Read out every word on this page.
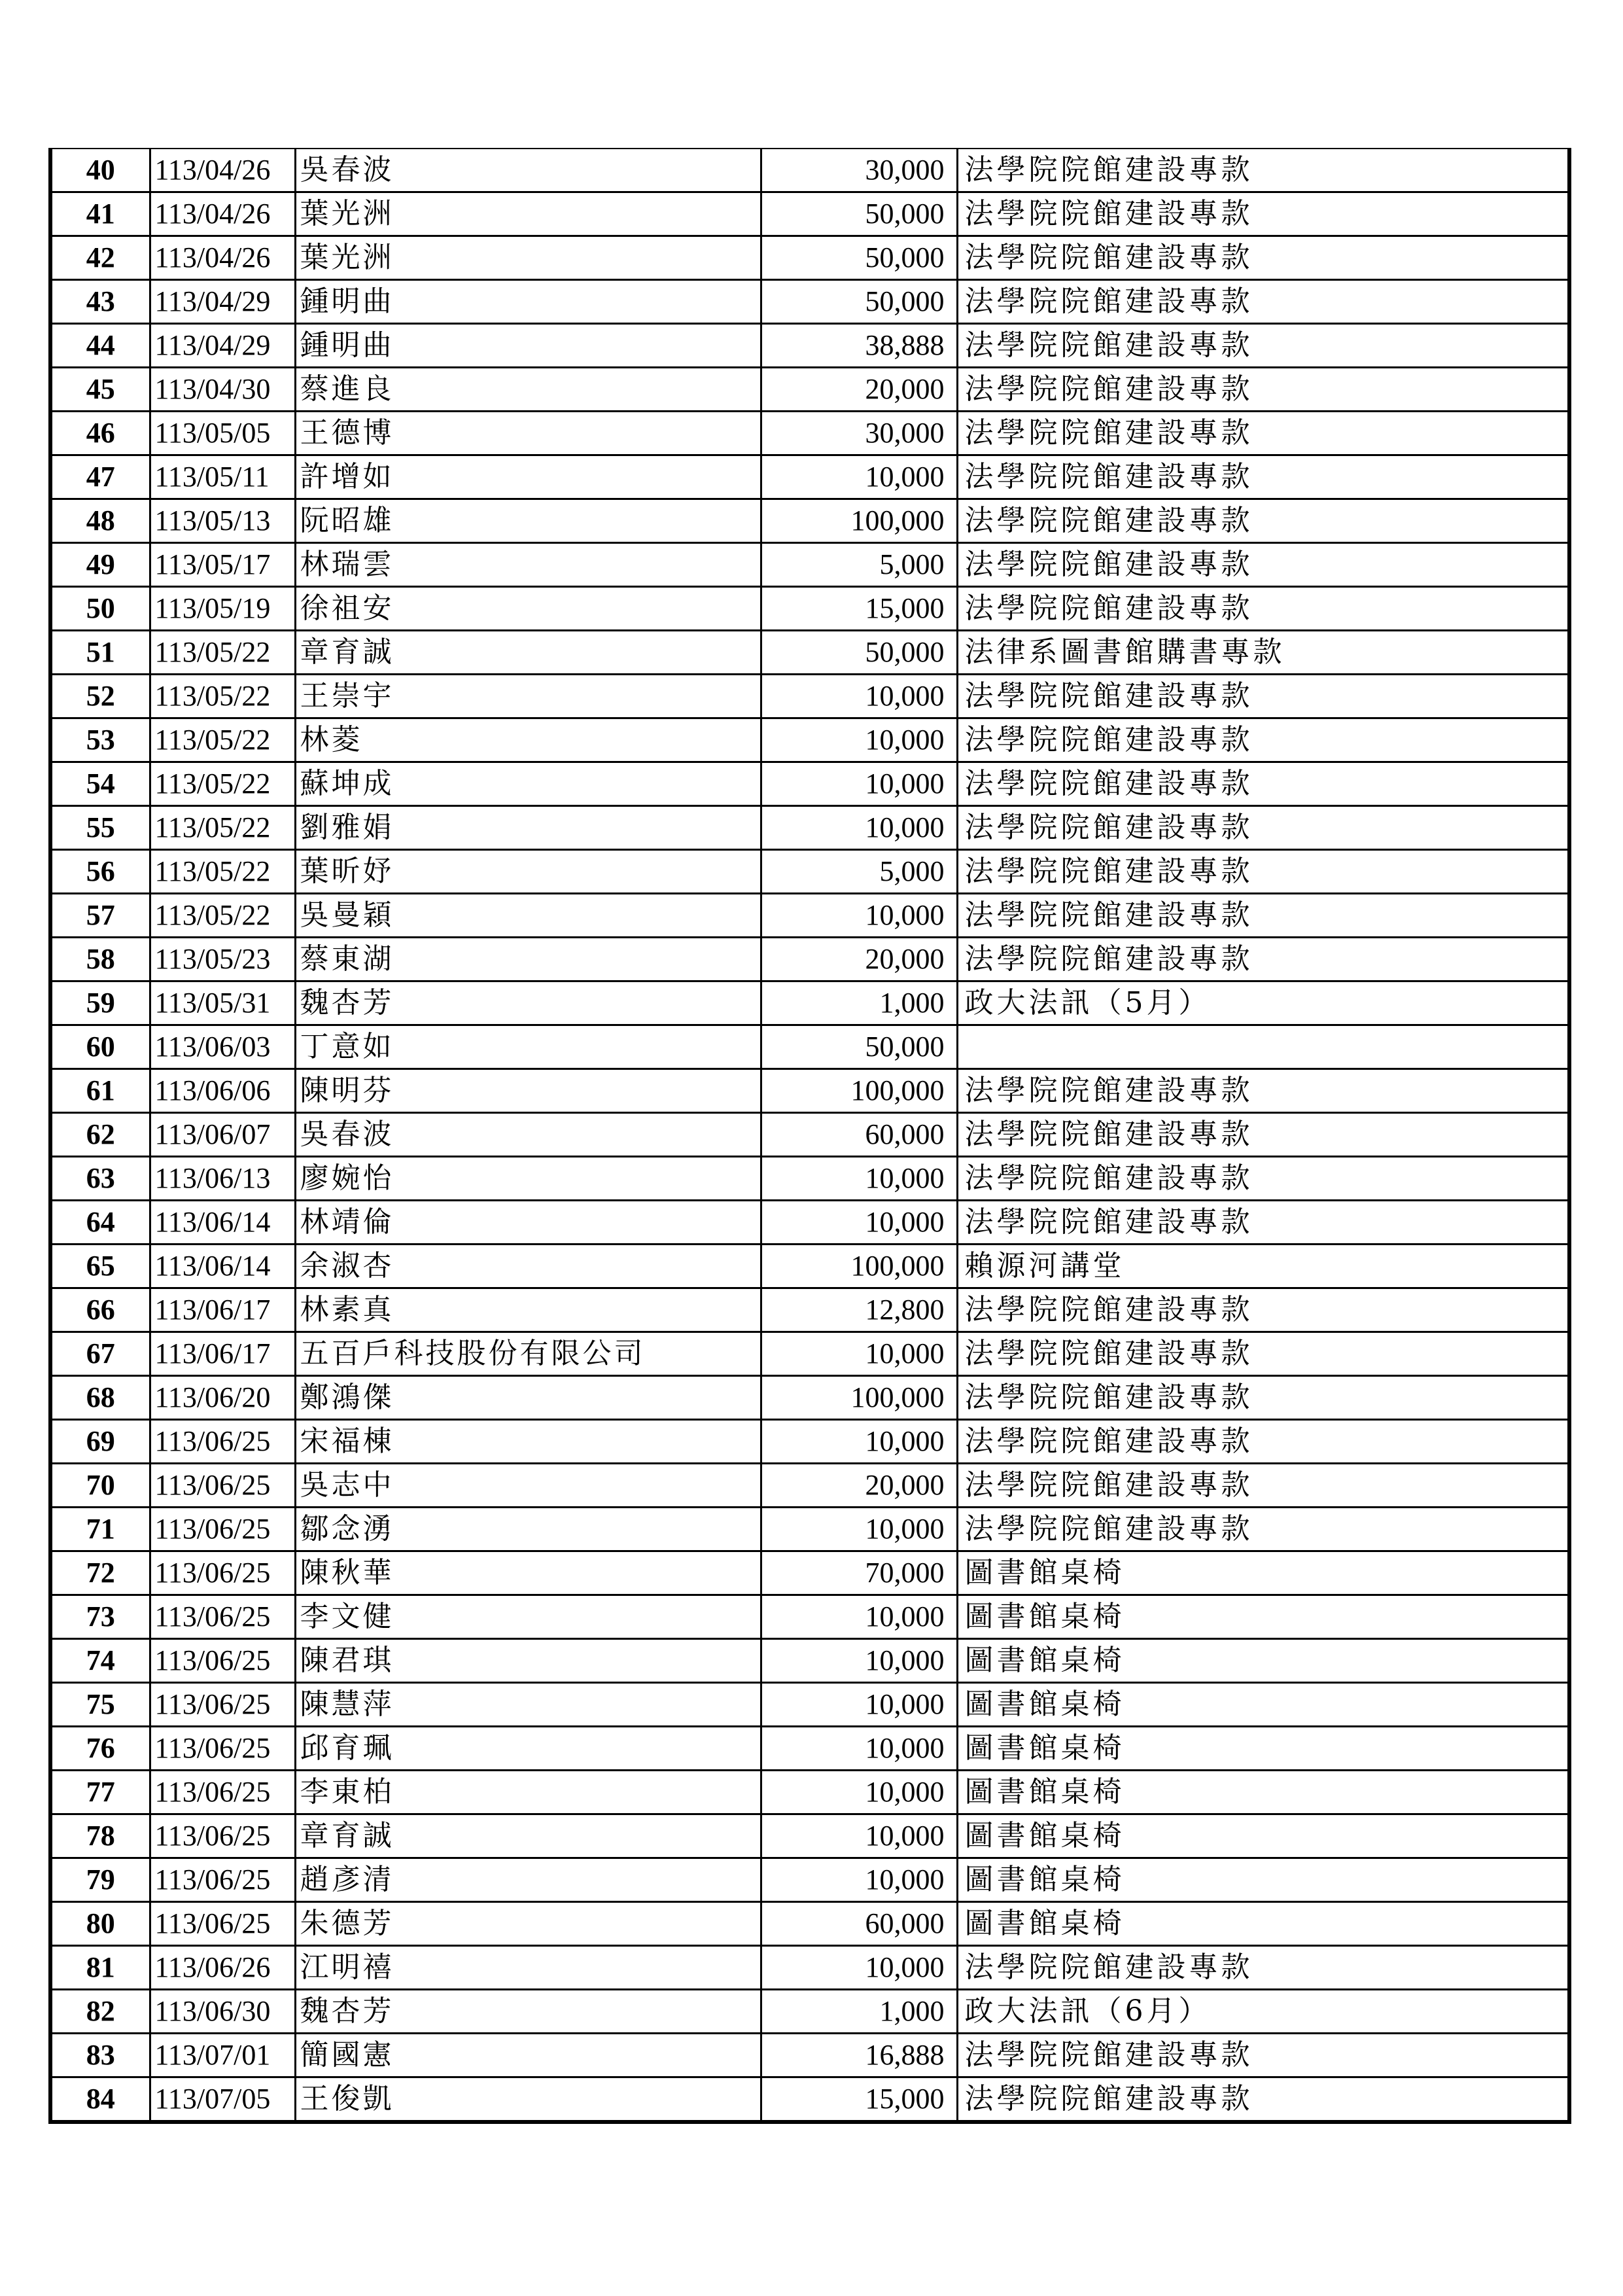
40	113/04/26	吳春波	30,000	法學院院館建設專款
41	113/04/26	葉光洲	50,000	法學院院館建設專款
42	113/04/26	葉光洲	50,000	法學院院館建設專款
43	113/04/29	鍾明曲	50,000	法學院院館建設專款
44	113/04/29	鍾明曲	38,888	法學院院館建設專款
45	113/04/30	蔡進良	20,000	法學院院館建設專款
46	113/05/05	王德博	30,000	法學院院館建設專款
47	113/05/11	許增如	10,000	法學院院館建設專款
48	113/05/13	阮昭雄	100,000	法學院院館建設專款
49	113/05/17	林瑞雲	5,000	法學院院館建設專款
50	113/05/19	徐祖安	15,000	法學院院館建設專款
51	113/05/22	章育誠	50,000	法律系圖書館購書專款
52	113/05/22	王崇宇	10,000	法學院院館建設專款
53	113/05/22	林菱	10,000	法學院院館建設專款
54	113/05/22	蘇坤成	10,000	法學院院館建設專款
55	113/05/22	劉雅娟	10,000	法學院院館建設專款
56	113/05/22	葉昕妤	5,000	法學院院館建設專款
57	113/05/22	吳曼穎	10,000	法學院院館建設專款
58	113/05/23	蔡東湖	20,000	法學院院館建設專款
59	113/05/31	魏杏芳	1,000	政大法訊（5月）
60	113/06/03	丁意如	50,000	
61	113/06/06	陳明芬	100,000	法學院院館建設專款
62	113/06/07	吳春波	60,000	法學院院館建設專款
63	113/06/13	廖婉怡	10,000	法學院院館建設專款
64	113/06/14	林靖倫	10,000	法學院院館建設專款
65	113/06/14	余淑杏	100,000	賴源河講堂
66	113/06/17	林素真	12,800	法學院院館建設專款
67	113/06/17	五百戶科技股份有限公司	10,000	法學院院館建設專款
68	113/06/20	鄭鴻傑	100,000	法學院院館建設專款
69	113/06/25	宋福棟	10,000	法學院院館建設專款
70	113/06/25	吳志中	20,000	法學院院館建設專款
71	113/06/25	鄒念湧	10,000	法學院院館建設專款
72	113/06/25	陳秋華	70,000	圖書館桌椅
73	113/06/25	李文健	10,000	圖書館桌椅
74	113/06/25	陳君琪	10,000	圖書館桌椅
75	113/06/25	陳慧萍	10,000	圖書館桌椅
76	113/06/25	邱育珮	10,000	圖書館桌椅
77	113/06/25	李東柏	10,000	圖書館桌椅
78	113/06/25	章育誠	10,000	圖書館桌椅
79	113/06/25	趙彥清	10,000	圖書館桌椅
80	113/06/25	朱德芳	60,000	圖書館桌椅
81	113/06/26	江明禧	10,000	法學院院館建設專款
82	113/06/30	魏杏芳	1,000	政大法訊（6月）
83	113/07/01	簡國憲	16,888	法學院院館建設專款
84	113/07/05	王俊凱	15,000	法學院院館建設專款
